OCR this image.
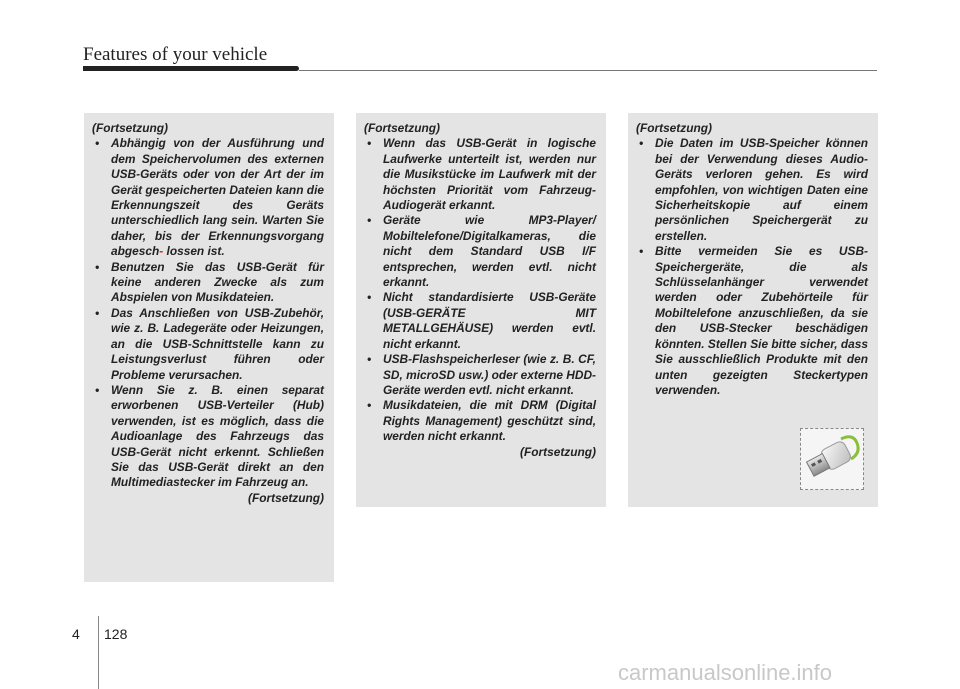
Features of your vehicle

(Fortsetzung)

• Abhängig von der Ausführung und dem Speichervolumen des externen USB-Geräts oder von der Art der im Gerät gespeicherten Dateien kann die Erkennungszeit des Geräts unterschiedlich lang sein. Warten Sie daher, bis der Erkennungsvorgang abgesch- lossen ist.
• Benutzen Sie das USB-Gerät für keine anderen Zwecke als zum Abspielen von Musikdateien.
• Das Anschließen von USB-Zubehör, wie z. B. Ladegeräte oder Heizungen, an die USB-Schnittstelle kann zu Leistungsverlust führen oder Probleme verursachen.
• Wenn Sie z. B. einen separat erworbenen USB-Verteiler (Hub) verwenden, ist es möglich, dass die Audioanlage des Fahrzeugs das USB-Gerät nicht erkennt. Schließen Sie das USB-Gerät direkt an den Multimediastecker im Fahrzeug an.

(Fortsetzung)

(Fortsetzung)

• Wenn das USB-Gerät in logische Laufwerke unterteilt ist, werden nur die Musikstücke im Laufwerk mit der höchsten Priorität vom Fahrzeug-Audiogerät erkannt.
• Geräte wie MP3-Player/ Mobiltelefone/Digitalkameras, die nicht dem Standard USB I/F entsprechen, werden evtl. nicht erkannt.
• Nicht standardisierte USB-Geräte (USB-GERÄTE MIT METALLGEHÄUSE) werden evtl. nicht erkannt.
• USB-Flashspeicherleser (wie z. B. CF, SD, microSD usw.) oder externe HDD-Geräte werden evtl. nicht erkannt.
• Musikdateien, die mit DRM (Digital Rights Management) geschützt sind, werden nicht erkannt.

(Fortsetzung)

(Fortsetzung)

• Die Daten im USB-Speicher können bei der Verwendung dieses Audio-Geräts verloren gehen. Es wird empfohlen, von wichtigen Daten eine Sicherheitskopie auf einem persönlichen Speichergerät zu erstellen.
• Bitte vermeiden Sie es USB-Speichergeräte, die als Schlüsselanhänger verwendet werden oder Zubehörteile für Mobiltelefone anzuschließen, da sie den USB-Stecker beschädigen könnten. Stellen Sie bitte sicher, dass Sie ausschließlich Produkte mit den unten gezeigten Steckertypen verwenden.
4 128
carmanualsonline.info
